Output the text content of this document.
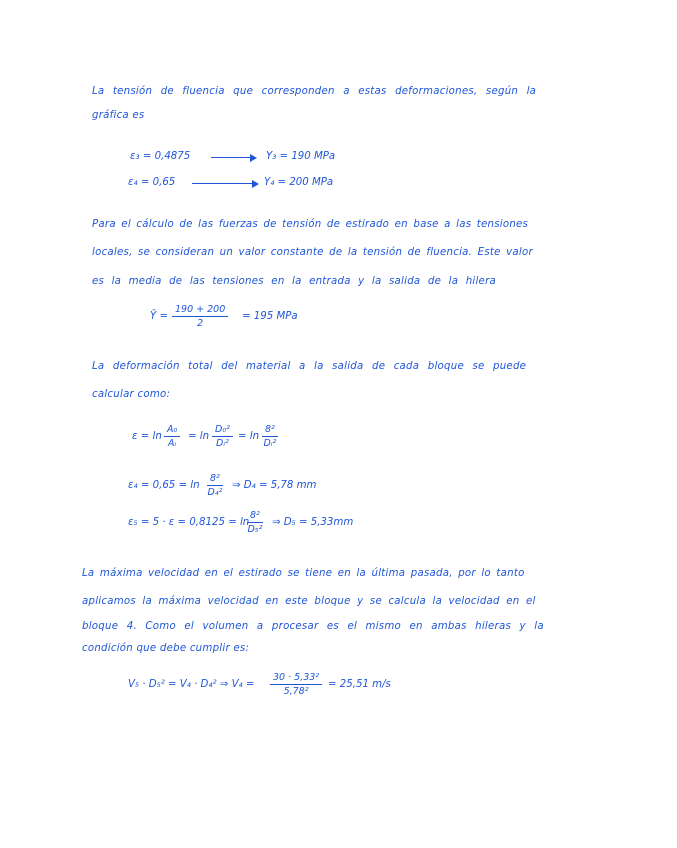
La tensión de fluencia que corresponden a estas deformaciones, según la
gráfica es
ε₃ = 0,4875	Y₃ = 190 MPa
ε₄ = 0,65	Y₄ = 200 MPa
Para el cálculo de las fuerzas de tensión de estirado en base a las tensiones
locales, se consideran un valor constante de la tensión de fluencia. Este valor
es la media de las tensiones en la entrada y la salida de la hilera
Ȳ = $\frac{190 + 200}{2} = 195$ MPa
La deformación total del material a la salida de cada bloque se puede
calcular como:
$\varepsilon = \ln \frac{\text{A₀}}{\text{Aᵢ}} = \ln \frac{\text{D₀²}}{\text{Dᵢ²}} = \ln \frac{\text{8²}}{\text{Dᵢ²}}$
$\varepsilon_4 = 0,65 = \ln \frac{\text{8²}}{\text{D₄²}}$ ⇒ D₄ = 5,78 mm
ε₅ = 5 · ε = 0,8125 = ln
$\frac{\text{8²}}{\text{D₅²}}$ ⇒ D₅ = 5,33mm
La máxima velocidad en el estirado se tiene en la última pasada, por lo tanto
aplicamos la máxima velocidad en este bloque y se calcula la velocidad en el
bloque 4. Como el volumen a procesar es el mismo en ambas hileras y la
condición que debe cumplir es:
V₅ · D₅² = V₄ · D₄² ⇒ $V_4 = \frac{\text{30 · 5,33²}}{\text{5,78²}} = 25,51$ m/s
